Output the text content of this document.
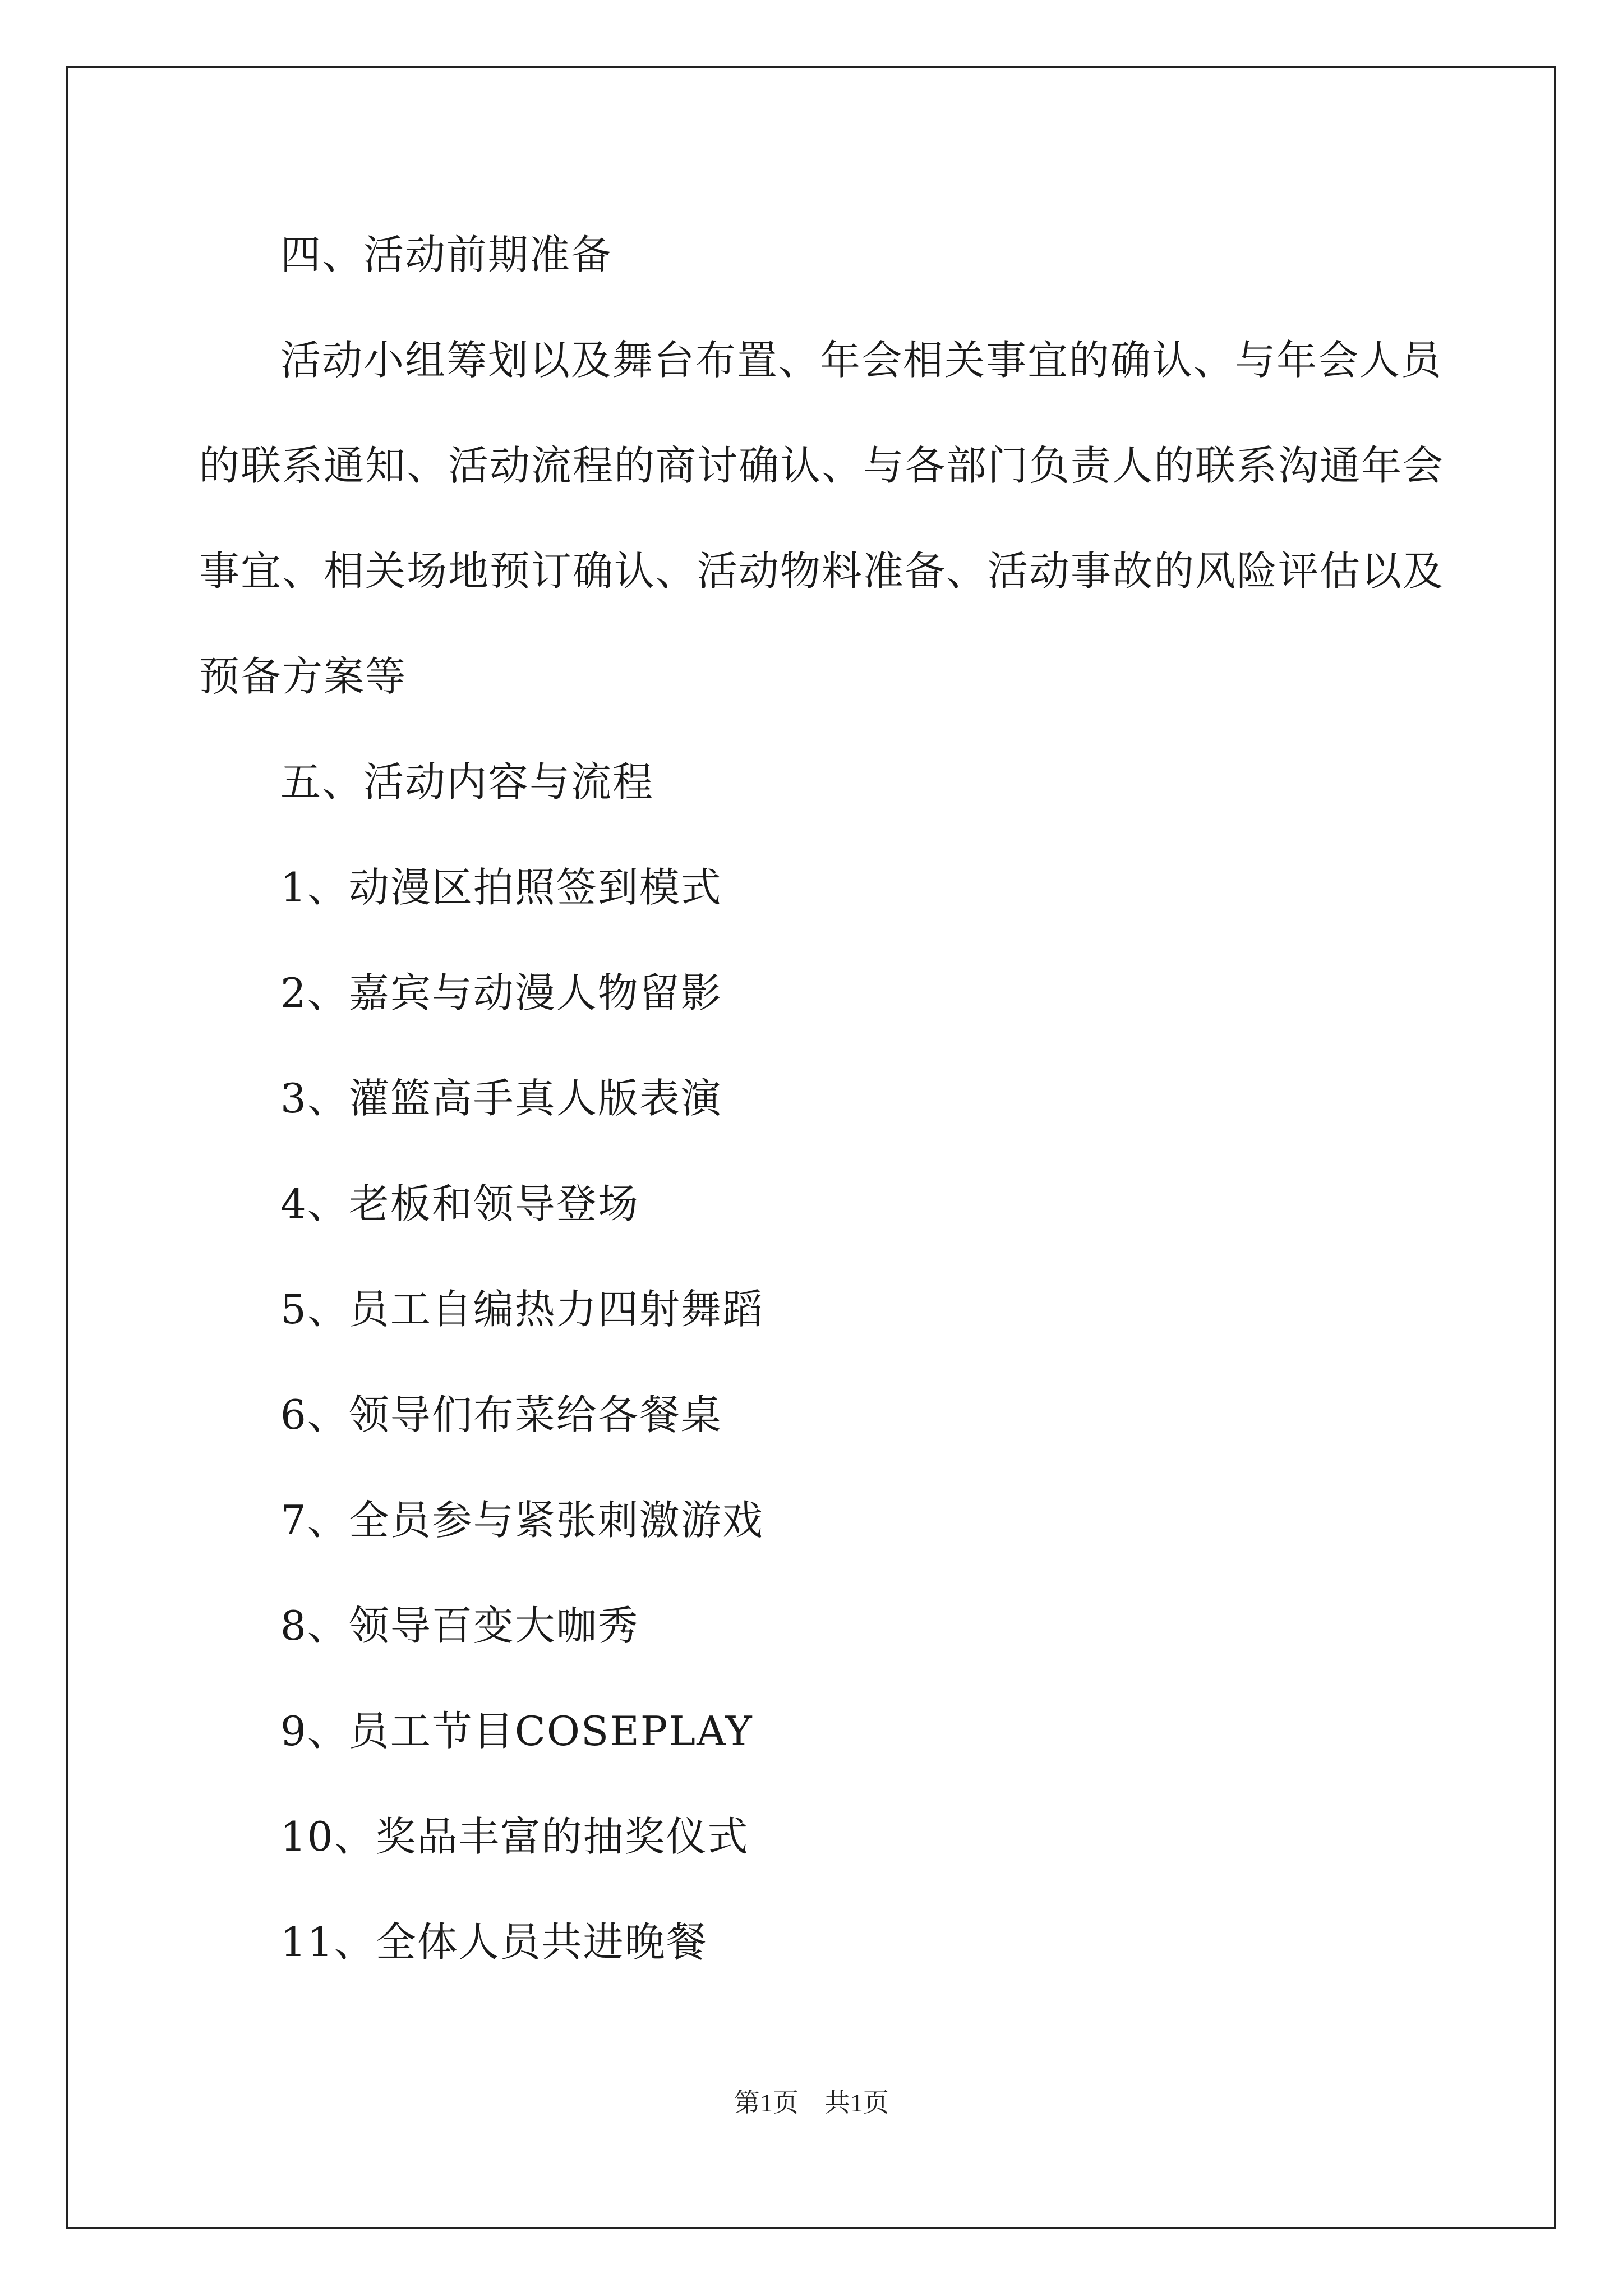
四、活动前期准备
活动小组筹划以及舞台布置、年会相关事宜的确认、与年会人员
的联系通知、活动流程的商讨确认、与各部门负责人的联系沟通年会
事宜、相关场地预订确认、活动物料准备、活动事故的风险评估以及
预备方案等
五、活动内容与流程
1、动漫区拍照签到模式
2、嘉宾与动漫人物留影
3、灌篮高手真人版表演
4、老板和领导登场
5、员工自编热力四射舞蹈
6、领导们布菜给各餐桌
7、全员参与紧张刺激游戏
8、领导百变大咖秀
9、员工节目COSEPLAY
10、奖品丰富的抽奖仪式
11、全体人员共进晚餐
第1页　共1页
